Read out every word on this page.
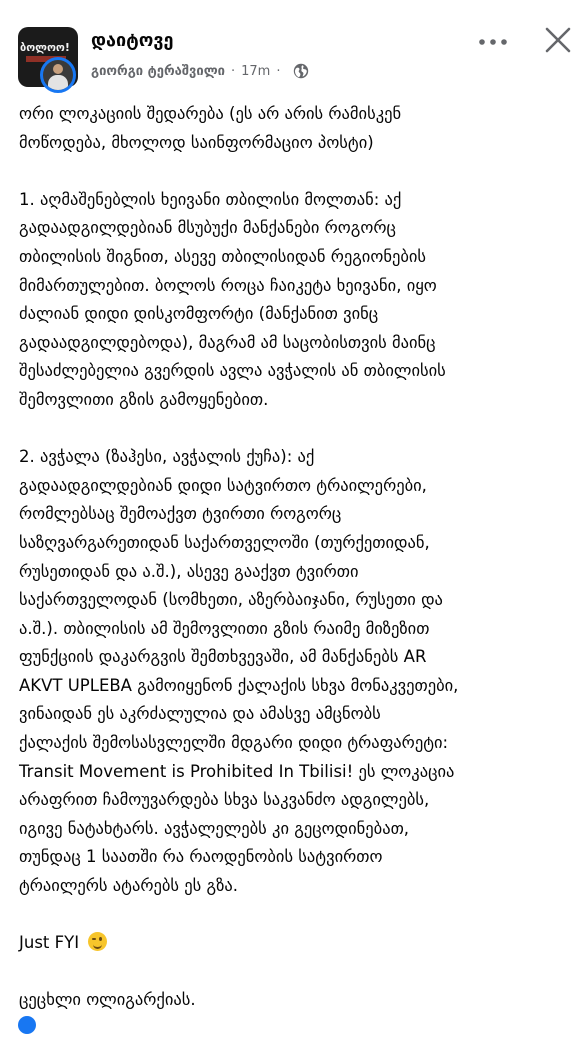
ბოლოო! დაიტოვე
გიორგი ტერაშვილი · 17m ·
ორი ლოკაციის შედარება (ეს არ არის რამისკენ
მოწოდება, მხოლოდ საინფორმაციო პოსტი)
1. აღმაშენებლის ხეივანი თბილისი მოლთან: აქ
გადაადგილდებიან მსუბუქი მანქანები როგორც
თბილისის შიგნით, ასევე თბილისიდან რეგიონების
მიმართულებით. ბოლოს როცა ჩაიკეტა ხეივანი, იყო
ძალიან დიდი დისკომფორტი (მანქანით ვინც
გადაადგილდებოდა), მაგრამ ამ საცობისთვის მაინც
შესაძლებელია გვერდის ავლა ავჭალის ან თბილისის
შემოვლითი გზის გამოყენებით.
2. ავჭალა (ზაჰესი, ავჭალის ქუჩა): აქ
გადაადგილდებიან დიდი სატვირთო ტრაილერები,
რომლებსაც შემოაქვთ ტვირთი როგორც
საზღვარგარეთიდან საქართველოში (თურქეთიდან,
რუსეთიდან და ა.შ.), ასევე გააქვთ ტვირთი
საქართველოდან (სომხეთი, აზერბაიჯანი, რუსეთი და
ა.შ.). თბილისის ამ შემოვლითი გზის რაიმე მიზეზით
ფუნქციის დაკარგვის შემთხვევაში, ამ მანქანებს AR
AKVT UPLEBA გამოიყენონ ქალაქის სხვა მონაკვეთები,
ვინაიდან ეს აკრძალულია და ამასვე ამცნობს
ქალაქის შემოსასვლელში მდგარი დიდი ტრაფარეტი:
Transit Movement is Prohibited In Tbilisi! ეს ლოკაცია
არაფრით ჩამოუვარდება სხვა საკვანძო ადგილებს,
იგივე ნატახტარს. ავჭალელებს კი გეცოდინებათ,
თუნდაც 1 საათში რა რაოდენობის სატვირთო
ტრაილერს ატარებს ეს გზა.
Just FYI
ცეცხლი ოლიგარქიას.
